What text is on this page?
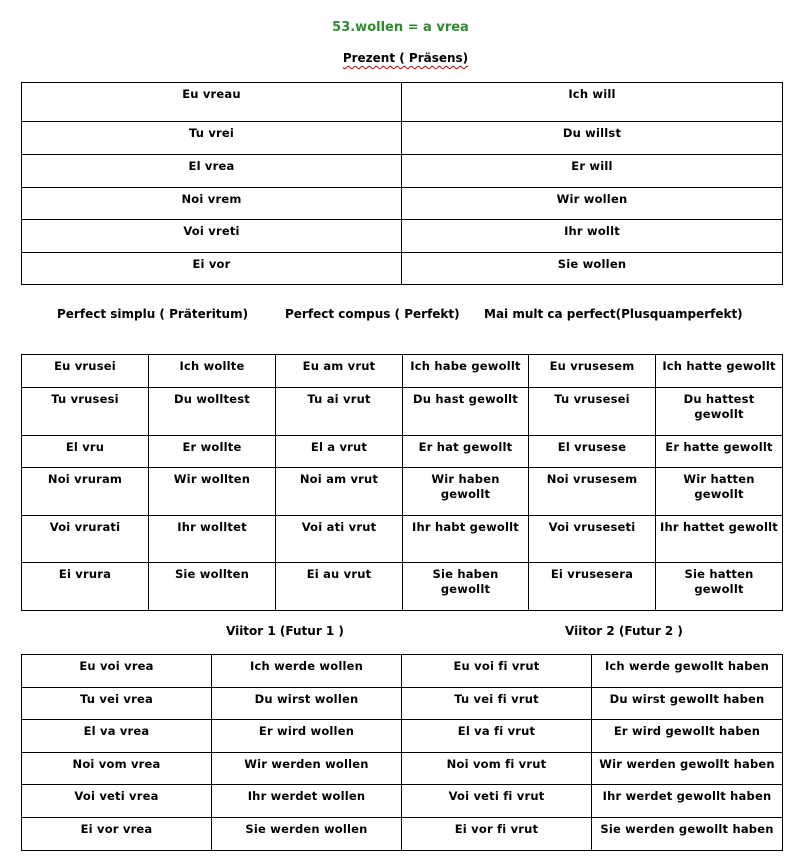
53.wollen = a vrea
Prezent ( Präsens)
Eu vreau	Ich will
Tu vrei	Du willst
El vrea	Er will
Noi vrem	Wir wollen
Voi vreti	Ihr wollt
Ei vor	Sie wollen
Perfect simplu ( Präteritum)	Perfect compus ( Perfekt) Mai mult ca perfect(Plusquamperfekt)
Eu vrusei	Ich wollte	Eu am vrut	Ich habe gewollt	Eu vrusesem	Ich hatte gewollt
Tu vrusesi	Du wolltest	Tu ai vrut	Du hast gewollt	Tu vrusesei	Du hattest gewollt
El vru	Er wollte	El a vrut	Er hat gewollt	El vrusese	Er hatte gewollt
Noi vruram	Wir wollten	Noi am vrut	Wir haben gewollt	Noi vrusesem	Wir hatten gewollt
Voi vrurati	Ihr wolltet	Voi ati vrut	Ihr habt gewollt	Voi vruseseti	Ihr hattet gewollt
Ei vrura	Sie wollten	Ei au vrut	Sie haben gewollt	Ei vrusesera	Sie hatten gewollt
Viitor 1 (Futur 1 )	Viitor 2 (Futur 2 )
Eu voi vrea	Ich werde wollen	Eu voi fi vrut	Ich werde gewollt haben
Tu vei vrea	Du wirst wollen	Tu vei fi vrut	Du wirst gewollt haben
El va vrea	Er wird wollen	El va fi vrut	Er wird gewollt haben
Noi vom vrea	Wir werden wollen	Noi vom fi vrut	Wir werden gewollt haben
Voi veti vrea	Ihr werdet wollen	Voi veti fi vrut	Ihr werdet gewollt haben
Ei vor vrea	Sie werden wollen	Ei vor fi vrut	Sie werden gewollt haben
